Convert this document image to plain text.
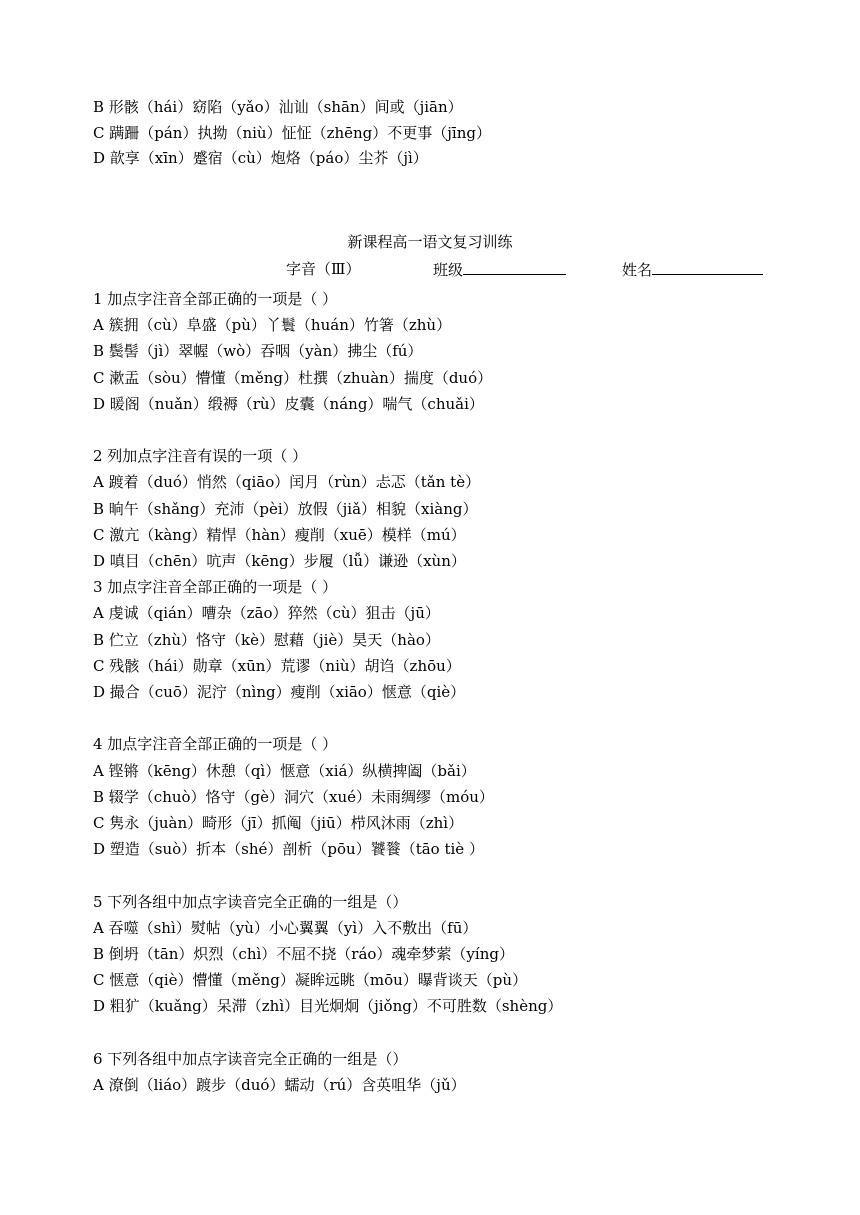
B 形骸（hái）窈陷（yǎo）汕讪（shān）间或（jiān）
C 蹒跚（pán）执拗（niù）怔怔（zhēng）不更事（jīng）
D 歆享（xīn）蹙宿（cù）炮烙（páo）尘芥（jì）
新课程高一语文复习训练
字音（Ⅲ）	班级	姓名
1 加点字注音全部正确的一项是（ ）
A 簇拥（cù）阜盛（pù）丫鬟（huán）竹箸（zhù）
B 鬓髻（jì）翠幄（wò）吞咽（yàn）拂尘（fú）
C 漱盂（sòu）懵懂（měng）杜撰（zhuàn）揣度（duó）
D 暖阁（nuǎn）缎褥（rù）皮囊（náng）喘气（chuǎi）
2 列加点字注音有误的一项（ ）
A 踱着（duó）悄然（qiāo）闰月（rùn）忐忑（tǎn tè）
B 晌午（shǎng）充沛（pèi）放假（jiǎ）相貌（xiàng）
C 激亢（kàng）精悍（hàn）瘦削（xuē）模样（mú）
D 嗔目（chēn）吭声（kēng）步履（lǚ）谦逊（xùn）
3 加点字注音全部正确的一项是（ ）
A 虔诚（qián）嘈杂（zāo）猝然（cù）狙击（jū）
B 伫立（zhù）恪守（kè）慰藉（jiè）昊天（hào）
C 残骸（hái）勋章（xūn）荒谬（niù）胡诌（zhōu）
D 撮合（cuō）泥泞（nìng）瘦削（xiāo）惬意（qiè）
4 加点字注音全部正确的一项是（ ）
A 铿锵（kēng）休憩（qì）惬意（xiá）纵横捭阖（bǎi）
B 辍学（chuò）恪守（gè）洞穴（xué）未雨绸缪（móu）
C 隽永（juàn）畸形（jī）抓阄（jiū）栉风沐雨（zhì）
D 塑造（suò）折本（shé）剖析（pōu）饕餮（tāo tiè ）
5 下列各组中加点字读音完全正确的一组是（）
A 吞噬（shì）熨帖（yù）小心翼翼（yì）入不敷出（fū）
B 倒坍（tān）炽烈（chì）不屈不挠（ráo）魂牵梦萦（yíng）
C 惬意（qiè）懵懂（měng）凝眸远眺（mōu）曝背谈天（pù）
D 粗犷（kuǎng）呆滞（zhì）目光炯炯（jiǒng）不可胜数（shèng）
6 下列各组中加点字读音完全正确的一组是（）
A 潦倒（liáo）踱步（duó）蠕动（rú）含英咀华（jǔ）
